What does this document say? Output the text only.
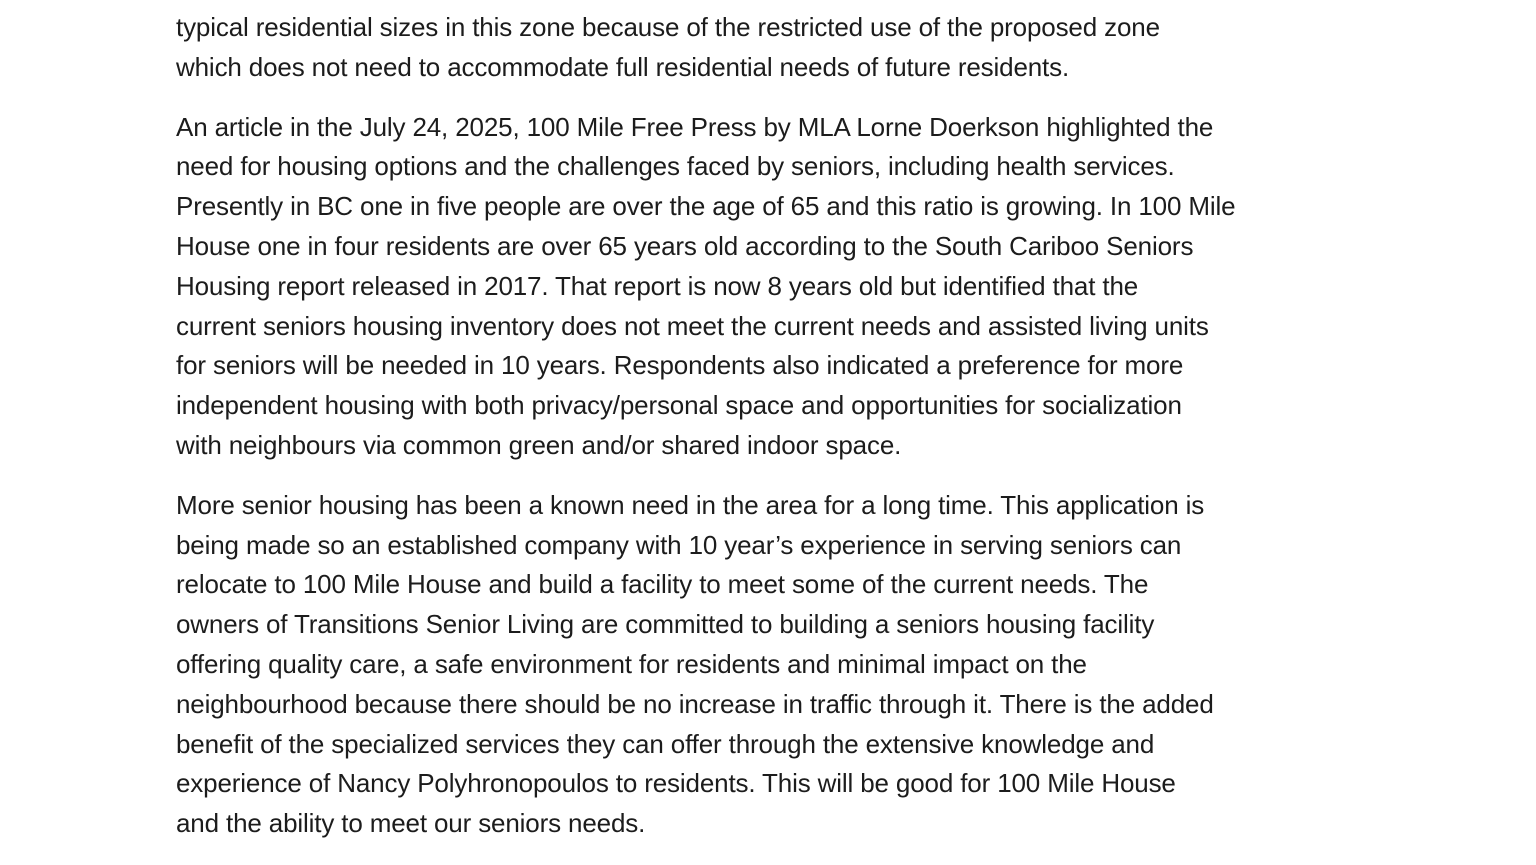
typical residential sizes in this zone because of the restricted use of the proposed zone
which does not need to accommodate full residential needs of future residents.
An article in the July 24, 2025, 100 Mile Free Press by MLA Lorne Doerkson highlighted the
need for housing options and the challenges faced by seniors, including health services.
Presently in BC one in five people are over the age of 65 and this ratio is growing. In 100 Mile
House one in four residents are over 65 years old according to the South Cariboo Seniors
Housing report released in 2017. That report is now 8 years old but identified that the
current seniors housing inventory does not meet the current needs and assisted living units
for seniors will be needed in 10 years. Respondents also indicated a preference for more
independent housing with both privacy/personal space and opportunities for socialization
with neighbours via common green and/or shared indoor space.
More senior housing has been a known need in the area for a long time. This application is
being made so an established company with 10 year’s experience in serving seniors can
relocate to 100 Mile House and build a facility to meet some of the current needs. The
owners of Transitions Senior Living are committed to building a seniors housing facility
offering quality care, a safe environment for residents and minimal impact on the
neighbourhood because there should be no increase in traffic through it. There is the added
benefit of the specialized services they can offer through the extensive knowledge and
experience of Nancy Polyhronopoulos to residents. This will be good for 100 Mile House
and the ability to meet our seniors needs.
